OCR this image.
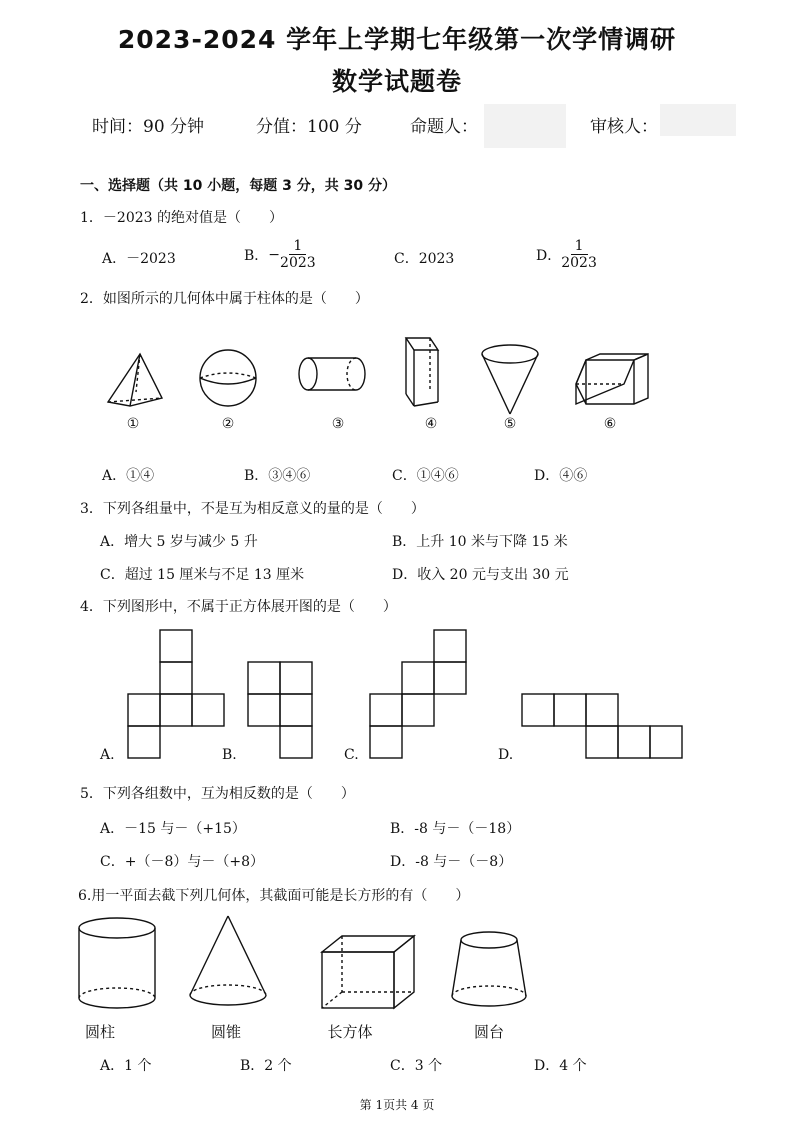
2023-2024 学年上学期七年级第一次学情调研
数学试题卷
时间：90 分钟	分值：100 分	命题人：	审核人：
一、选择题（共 10 小题，每题 3 分，共 30 分）
1．－2023 的绝对值是（　　）
A．－2023	B． − $\frac{1}{2023}$	C．2023	D． $\frac{1}{2023}$
2．如图所示的几何体中属于柱体的是（　　）
①	②	③	④	⑤	⑥
A．①④	B．③④⑥	C．①④⑥	D．④⑥
3．下列各组量中，不是互为相反意义的量的是（　　）
A．增大 5 岁与减少 5 升	B．上升 10 米与下降 15 米
C．超过 15 厘米与不足 13 厘米	D．收入 20 元与支出 30 元
4．下列图形中，不属于正方体展开图的是（　　）
A.	B.	C.	D.
5．下列各组数中，互为相反数的是（　　）
A．－15 与－（+15）	B．-8 与－（－18）
C．+（－8）与－（+8）	D．-8 与－（－8）
6.用一平面去截下列几何体，其截面可能是长方形的有（　　）
圆柱	圆锥	长方体	圆台
A．1 个	B．2 个	C．3 个	D．4 个
第 1页共 4 页
